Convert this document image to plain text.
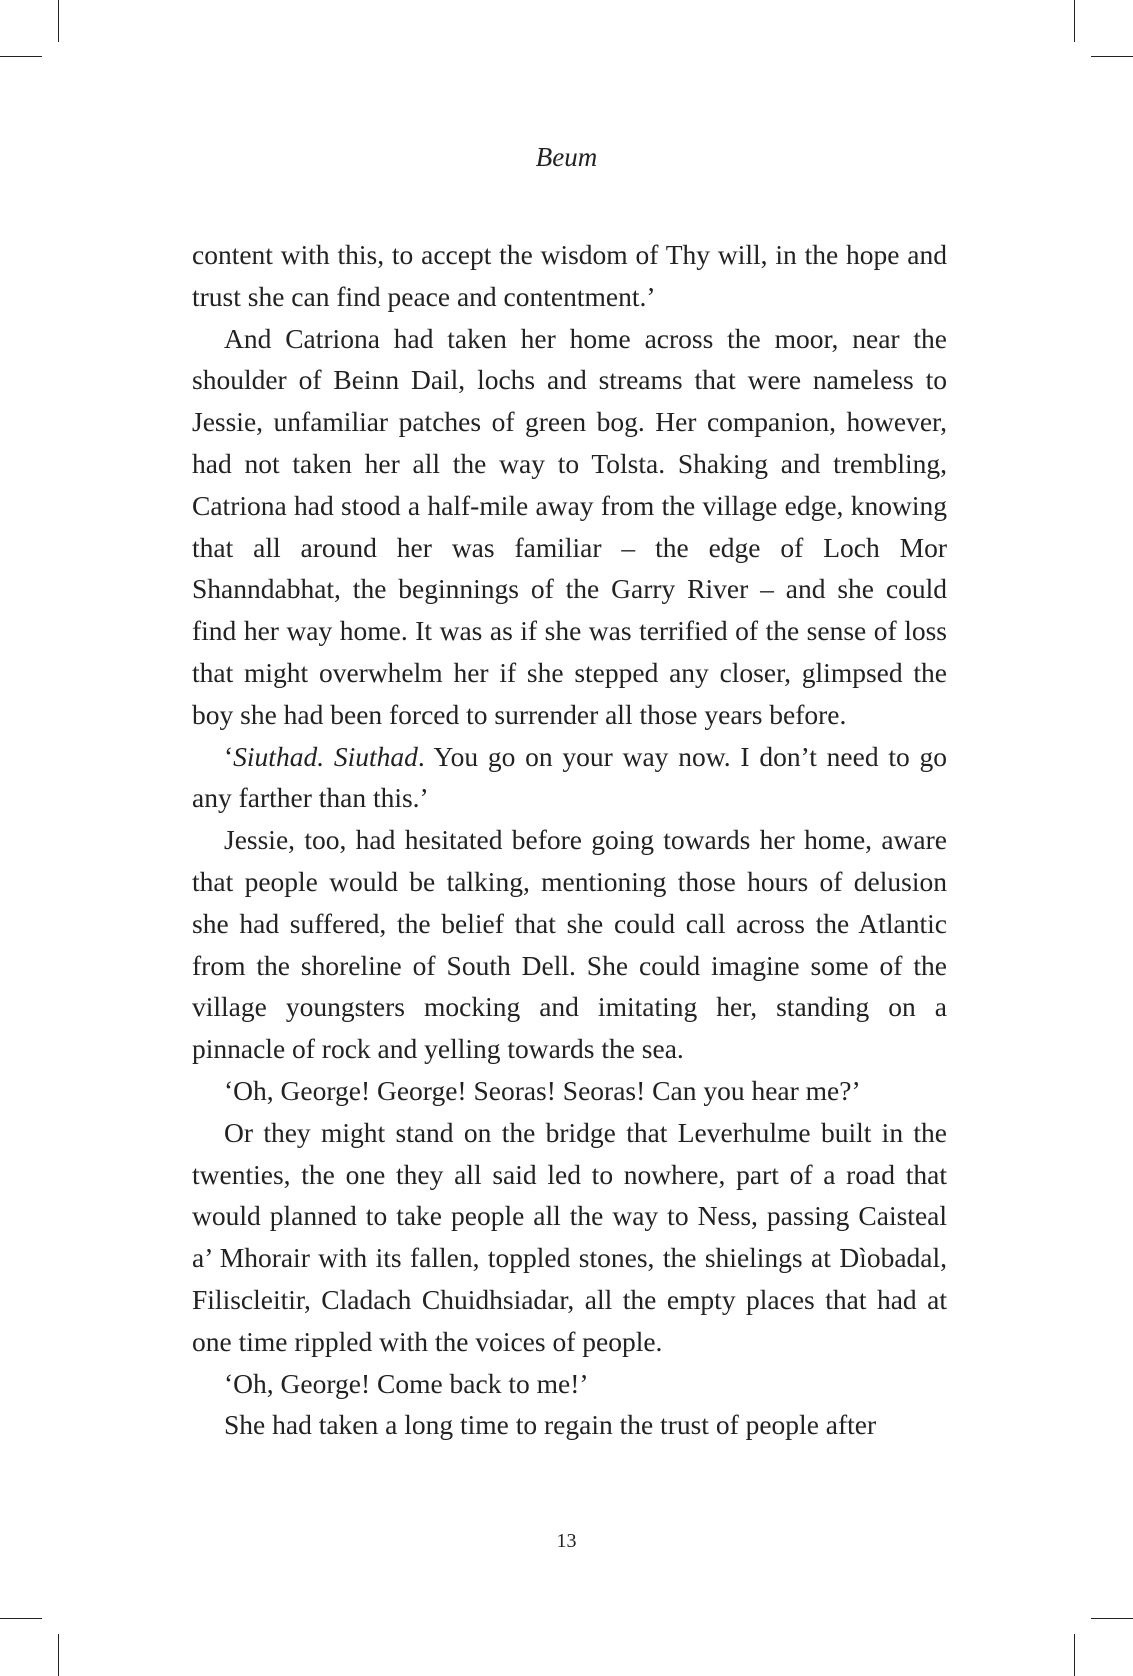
Beum

content with this, to accept the wisdom of Thy will, in the hope and trust she can find peace and contentment.’

And Catriona had taken her home across the moor, near the shoulder of Beinn Dail, lochs and streams that were nameless to Jessie, unfamiliar patches of green bog. Her companion, however, had not taken her all the way to Tolsta. Shaking and trembling, Catriona had stood a half-mile away from the village edge, knowing that all around her was familiar – the edge of Loch Mor Shanndabhat, the beginnings of the Garry River – and she could find her way home. It was as if she was terrified of the sense of loss that might overwhelm her if she stepped any closer, glimpsed the boy she had been forced to surrender all those years before.

‘Siuthad. Siuthad. You go on your way now. I don’t need to go any farther than this.’

Jessie, too, had hesitated before going towards her home, aware that people would be talking, mentioning those hours of delusion she had suffered, the belief that she could call across the Atlantic from the shoreline of South Dell. She could imagine some of the village youngsters mocking and imitating her, standing on a pinnacle of rock and yelling towards the sea.

‘Oh, George! George! Seoras! Seoras! Can you hear me?’

Or they might stand on the bridge that Leverhulme built in the twenties, the one they all said led to nowhere, part of a road that would planned to take people all the way to Ness, passing Caisteal a’ Mhorair with its fallen, toppled stones, the shielings at Dìobadal, Filiscleitir, Cladach Chuidhsiadar, all the empty places that had at one time rippled with the voices of people.

‘Oh, George! Come back to me!’

She had taken a long time to regain the trust of people after

13
